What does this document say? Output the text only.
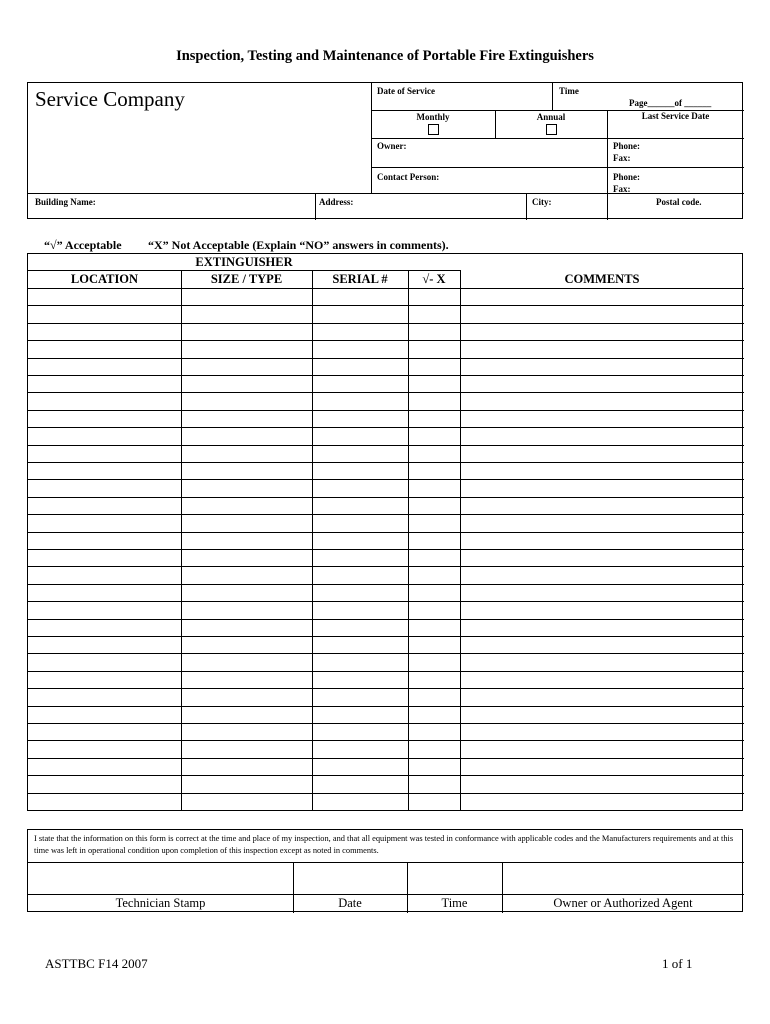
Inspection, Testing and Maintenance of Portable Fire Extinguishers
Service Company	Date of Service	Time
Page______of ______
Monthly	Annual	Last Service Date
Owner:	Phone:
Fax:
Contact Person:	Phone:
Fax:
Building Name:	Address:	City:	Postal code.
“√” Acceptable “X” Not Acceptable (Explain “NO” answers in comments).
EXTINGUISHER
LOCATION	SIZE / TYPE	SERIAL #	√- X	COMMENTS
I state that the information on this form is correct at the time and place of my inspection, and that all equipment was tested in conformance with applicable codes and the Manufacturers requirements and at this time was left in operational condition upon completion of this inspection except as noted in comments.
Technician Stamp	Date	Time	Owner or Authorized Agent
ASTTBC F14 2007	1 of 1
